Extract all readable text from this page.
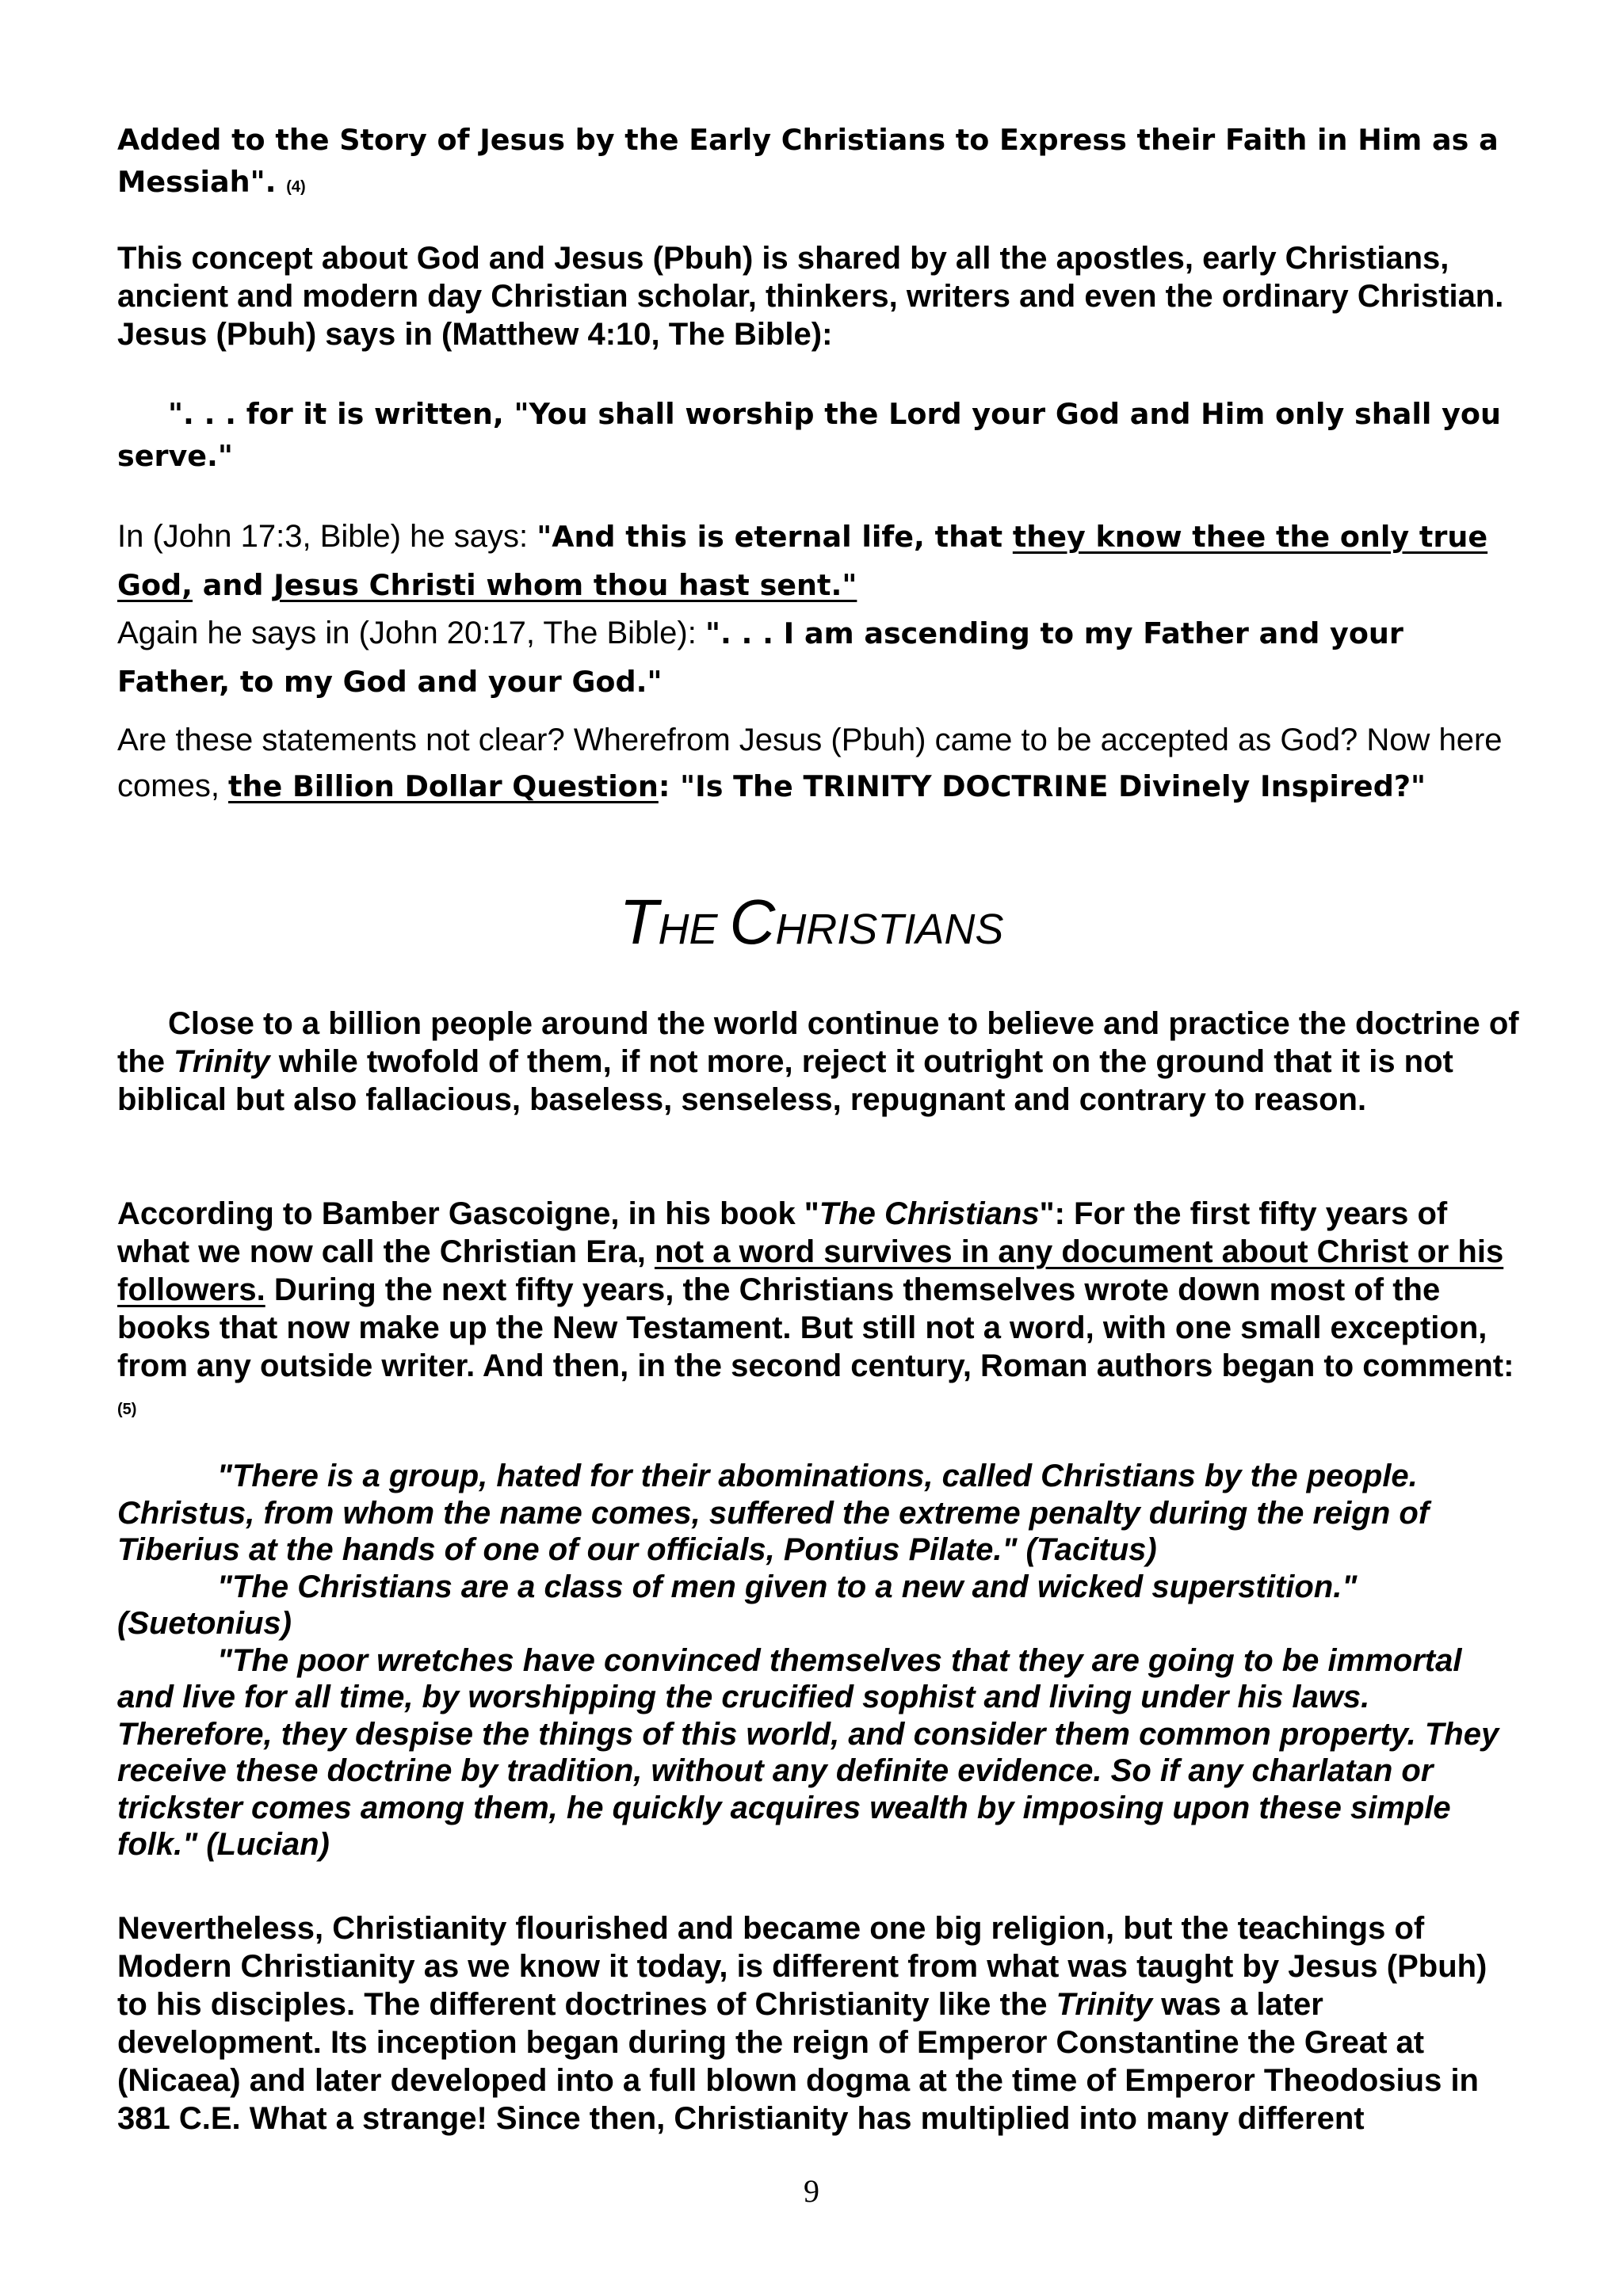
Added to the Story of Jesus by the Early Christians to Express their Faith in Him as a Messiah". (4)
This concept about God and Jesus (Pbuh) is shared by all the apostles, early Christians, ancient and modern day Christian scholar, thinkers, writers and even the ordinary Christian. Jesus (Pbuh) says in (Matthew 4:10, The Bible):
". . . for it is written, "You shall worship the Lord your God and Him only shall you serve."
In (John 17:3, Bible) he says: "And this is eternal life, that they know thee the only true God, and Jesus Christi whom thou hast sent."
Again he says in (John 20:17, The Bible): ". . . I am ascending to my Father and your Father, to my God and your God."
Are these statements not clear? Wherefrom Jesus (Pbuh) came to be accepted as God? Now here comes, the Billion Dollar Question: "Is The TRINITY DOCTRINE Divinely Inspired?"
THE CHRISTIANS
Close to a billion people around the world continue to believe and practice the doctrine of the Trinity while twofold of them, if not more, reject it outright on the ground that it is not biblical but also fallacious, baseless, senseless, repugnant and contrary to reason.
According to Bamber Gascoigne, in his book "The Christians": For the first fifty years of what we now call the Christian Era, not a word survives in any document about Christ or his followers. During the next fifty years, the Christians themselves wrote down most of the books that now make up the New Testament. But still not a word, with one small exception, from any outside writer. And then, in the second century, Roman authors began to comment: (5)
"There is a group, hated for their abominations, called Christians by the people. Christus, from whom the name comes, suffered the extreme penalty during the reign of Tiberius at the hands of one of our officials, Pontius Pilate." (Tacitus)
"The Christians are a class of men given to a new and wicked superstition." (Suetonius)
"The poor wretches have convinced themselves that they are going to be immortal and live for all time, by worshipping the crucified sophist and living under his laws. Therefore, they despise the things of this world, and consider them common property. They receive these doctrine by tradition, without any definite evidence. So if any charlatan or trickster comes among them, he quickly acquires wealth by imposing upon these simple folk." (Lucian)
Nevertheless, Christianity flourished and became one big religion, but the teachings of Modern Christianity as we know it today, is different from what was taught by Jesus (Pbuh) to his disciples. The different doctrines of Christianity like the Trinity was a later development. Its inception began during the reign of Emperor Constantine the Great at (Nicaea) and later developed into a full blown dogma at the time of Emperor Theodosius in 381 C.E. What a strange! Since then, Christianity has multiplied into many different
9
